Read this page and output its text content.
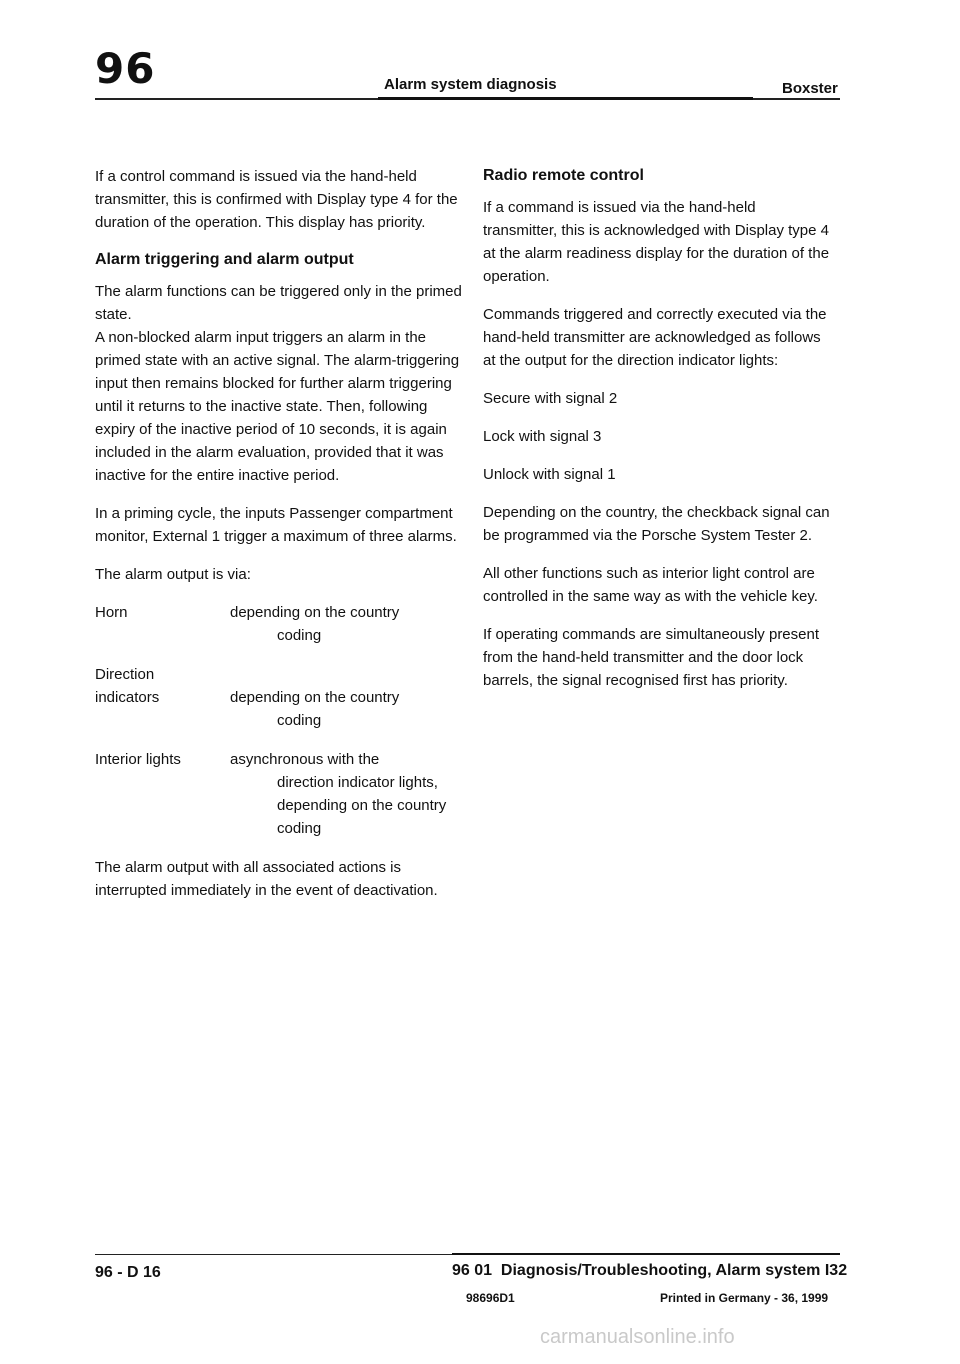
96	Alarm system diagnosis	Boxster

If a control command is issued via the hand-held transmitter, this is confirmed with Display type 4 for the duration of the operation. This display has priority.

Alarm triggering and alarm output

The alarm functions can be triggered only in the primed state.
A non-blocked alarm input triggers an alarm in the primed state with an active signal. The alarm-triggering input then remains blocked for further alarm triggering until it returns to the inactive state. Then, following expiry of the inactive period of 10 seconds, it is again included in the alarm evaluation, provided that it was inactive for the entire inactive period.

In a priming cycle, the inputs Passenger compartment monitor, External 1 trigger a maximum of three alarms.

The alarm output is via:

Horn	depending on the country
coding
Direction
indicators	depending on the country
coding
Interior lights	asynchronous with the
direction indicator lights,
depending on the country
coding

The alarm output with all associated actions is interrupted immediately in the event of deactivation.

Radio remote control

If a command is issued via the hand-held transmitter, this is acknowledged with Display type 4 at the alarm readiness display for the duration of the operation.

Commands triggered and correctly executed via the hand-held transmitter are acknowledged as follows at the output for the direction indicator lights:

Secure with signal 2

Lock with signal 3

Unlock with signal 1

Depending on the country, the checkback signal can be programmed via the Porsche System Tester 2.

All other functions such as interior light control are controlled in the same way as with the vehicle key.

If operating commands are simultaneously present from the hand-held transmitter and the door lock barrels, the signal recognised first has priority.

96 - D 16	96 01  Diagnosis/Troubleshooting, Alarm system I32
98696D1	Printed in Germany - 36, 1999
carmanualsonline.info
